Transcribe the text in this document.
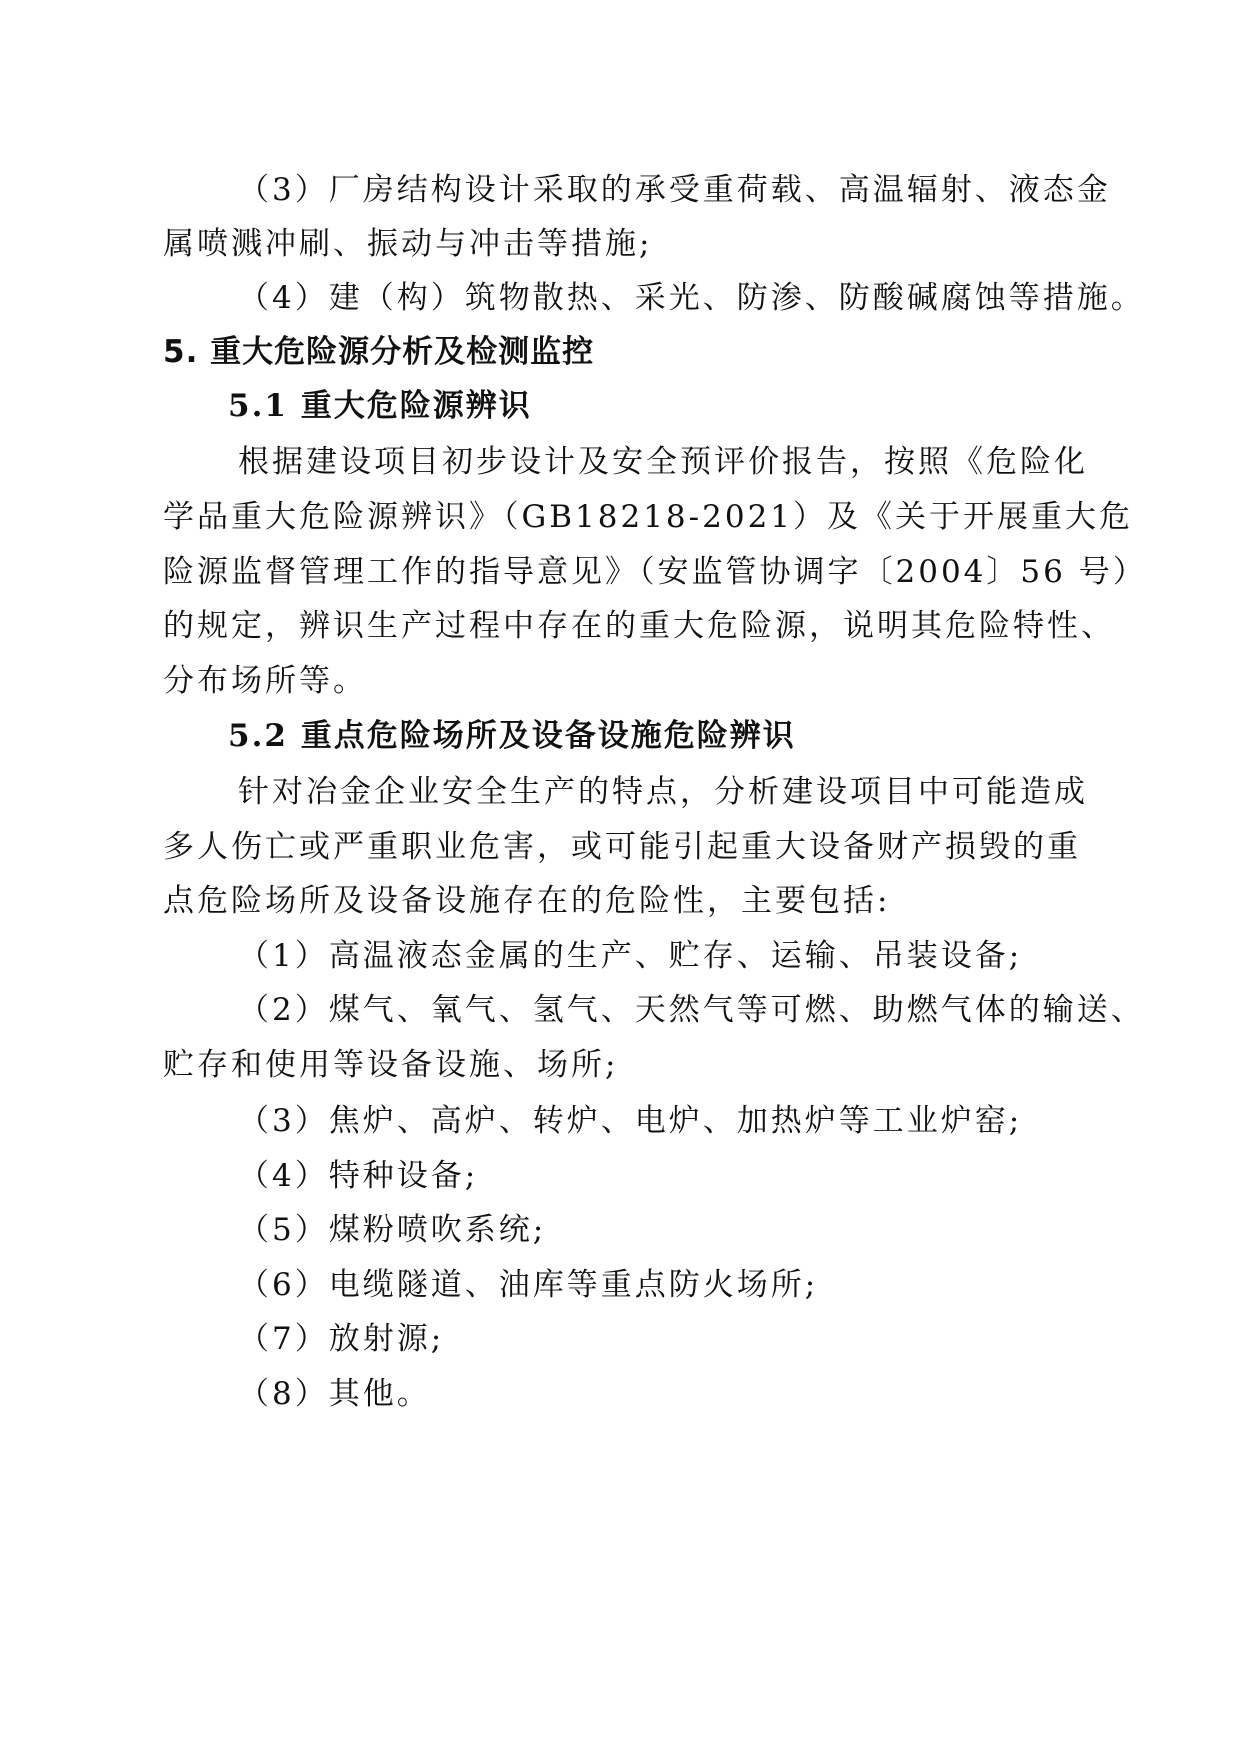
（3）厂房结构设计采取的承受重荷载、高温辐射、液态金
属喷溅冲刷、振动与冲击等措施;
（4）建（构）筑物散热、采光、防渗、防酸碱腐蚀等措施。
5. 重大危险源分析及检测监控
5.1 重大危险源辨识
根据建设项目初步设计及安全预评价报告，按照《危险化
学品重大危险源辨识》（GB18218-2021）及《关于开展重大危
险源监督管理工作的指导意见》（安监管协调字〔2004〕56 号）
的规定，辨识生产过程中存在的重大危险源，说明其危险特性、
分布场所等。
5.2 重点危险场所及设备设施危险辨识
针对冶金企业安全生产的特点，分析建设项目中可能造成
多人伤亡或严重职业危害，或可能引起重大设备财产损毁的重
点危险场所及设备设施存在的危险性，主要包括:
（1）高温液态金属的生产、贮存、运输、吊装设备;
（2）煤气、氧气、氢气、天然气等可燃、助燃气体的输送、
贮存和使用等设备设施、场所;
（3）焦炉、高炉、转炉、电炉、加热炉等工业炉窑;
（4）特种设备;
（5）煤粉喷吹系统;
（6）电缆隧道、油库等重点防火场所;
（7）放射源;
（8）其他。
